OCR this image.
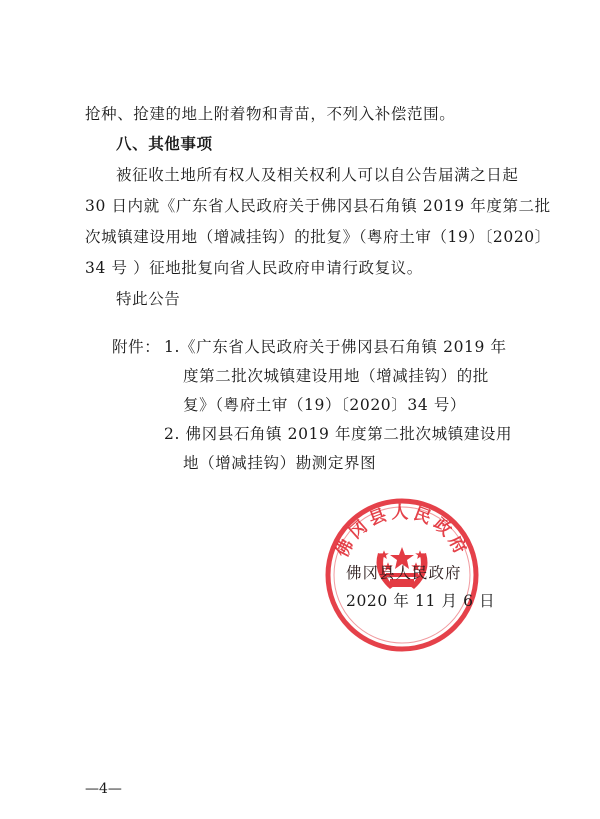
抢种、抢建的地上附着物和青苗，不列入补偿范围。
八、其他事项
被征收土地所有权人及相关权利人可以自公告届满之日起
30 日内就《广东省人民政府关于佛冈县石角镇 2019 年度第二批
次城镇建设用地（增减挂钩）的批复》（粤府土审（19）〔2020〕
34 号 ）征地批复向省人民政府申请行政复议。
特此公告
附件： 1.《广东省人民政府关于佛冈县石角镇 2019 年
度第二批次城镇建设用地（增减挂钩）的批
复》（粤府土审（19）〔2020〕34 号）
2. 佛冈县石角镇 2019 年度第二批次城镇建设用
地（增减挂钩）勘测定界图
佛冈县人民政府
佛冈县人民政府
2020 年 11 月 6 日
—4—
